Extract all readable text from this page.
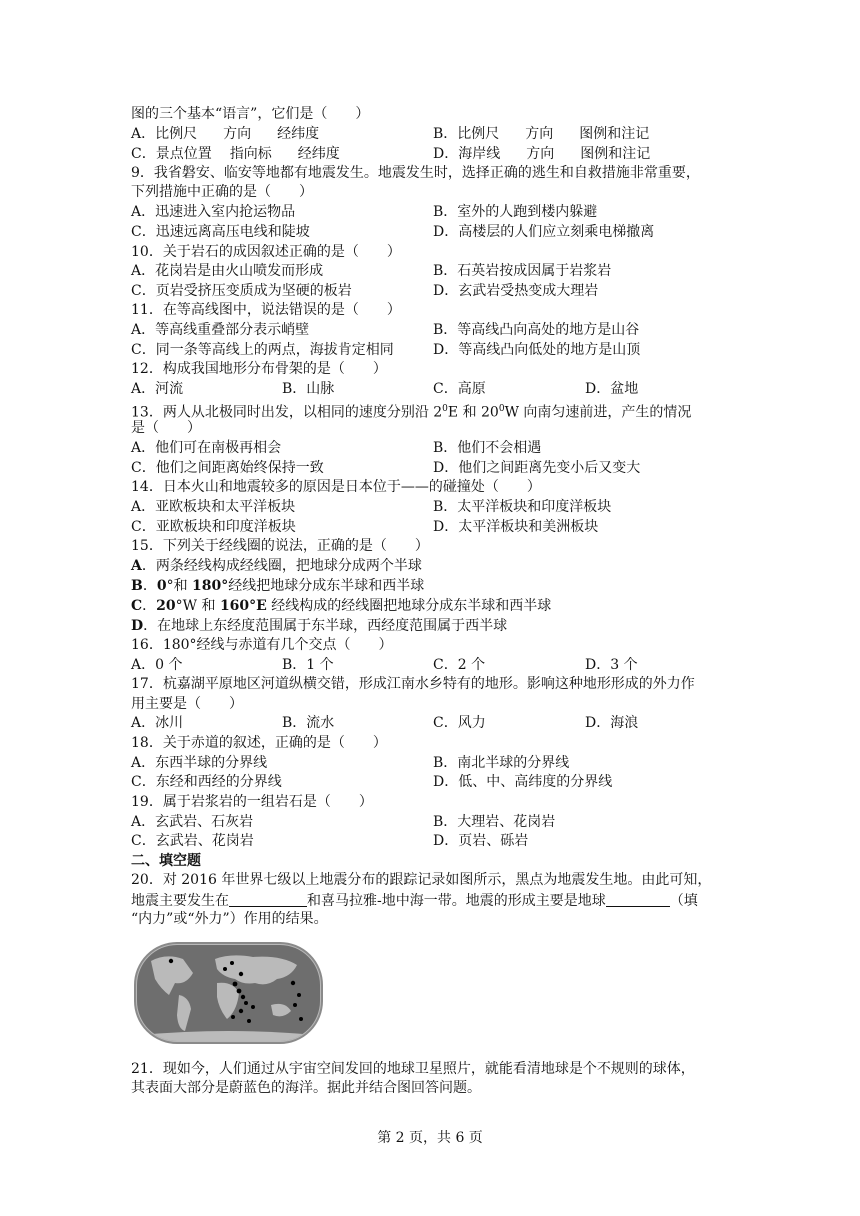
图的三个基本“语言”，它们是（　　）
A．比例尺 方向 经纬度	B．比例尺 方向 图例和注记
C．景点位置 指向标 经纬度	D．海岸线 方向 图例和注记
9．我省磐安、临安等地都有地震发生。地震发生时，选择正确的逃生和自救措施非常重要，
下列措施中正确的是（　　）
A．迅速进入室内抢运物品	B．室外的人跑到楼内躲避
C．迅速远离高压电线和陡坡	D．高楼层的人们应立刻乘电梯撤离
10．关于岩石的成因叙述正确的是（　　）
A．花岗岩是由火山喷发而形成	B．石英岩按成因属于岩浆岩
C．页岩受挤压变质成为坚硬的板岩	D．玄武岩受热变成大理岩
11．在等高线图中，说法错误的是（　　）
A．等高线重叠部分表示峭壁	B．等高线凸向高处的地方是山谷
C．同一条等高线上的两点，海拔肯定相同	D．等高线凸向低处的地方是山顶
12．构成我国地形分布骨架的是（　　）
A．河流	B．山脉	C．高原	D．盆地
13．两人从北极同时出发，以相同的速度分别沿 $2^0E$ 和 $20^0W$ 向南匀速前进，产生的情况
是（　　）
A．他们可在南极再相会	B．他们不会相遇
C．他们之间距离始终保持一致	D．他们之间距离先变小后又变大
14．日本火山和地震较多的原因是日本位于——的碰撞处（　　）
A．亚欧板块和太平洋板块	B．太平洋板块和印度洋板块
C．亚欧板块和印度洋板块	D．太平洋板块和美洲板块
15．下列关于经线圈的说法，正确的是（　　）
A．两条经线构成经线圈，把地球分成两个半球
B．0°和 180°经线把地球分成东半球和西半球
C．20°W 和 160°E 经线构成的经线圈把地球分成东半球和西半球
D．在地球上东经度范围属于东半球，西经度范围属于西半球
16．180°经线与赤道有几个交点（　　）
A．0 个	B．1 个	C．2 个	D．3 个
17．杭嘉湖平原地区河道纵横交错，形成江南水乡特有的地形。影响这种地形形成的外力作
用主要是（　　）
A．冰川	B．流水	C．风力	D．海浪
18．关于赤道的叙述，正确的是（　　）
A．东西半球的分界线	B．南北半球的分界线
C．东经和西经的分界线	D．低、中、高纬度的分界线
19．属于岩浆岩的一组岩石是（　　）
A．玄武岩、石灰岩	B．大理岩、花岗岩
C．玄武岩、花岗岩	D．页岩、砾岩
二、填空题
20．对 2016 年世界七级以上地震分布的跟踪记录如图所示，黑点为地震发生地。由此可知，
地震主要发生在	和喜马拉雅-地中海一带。地震的形成主要是地球	（填
“内力”或“外力”）作用的结果。
21．现如今，人们通过从宇宙空间发回的地球卫星照片，就能看清地球是个不规则的球体，
其表面大部分是蔚蓝色的海洋。据此并结合图回答问题。
第 2 页，共 6 页
